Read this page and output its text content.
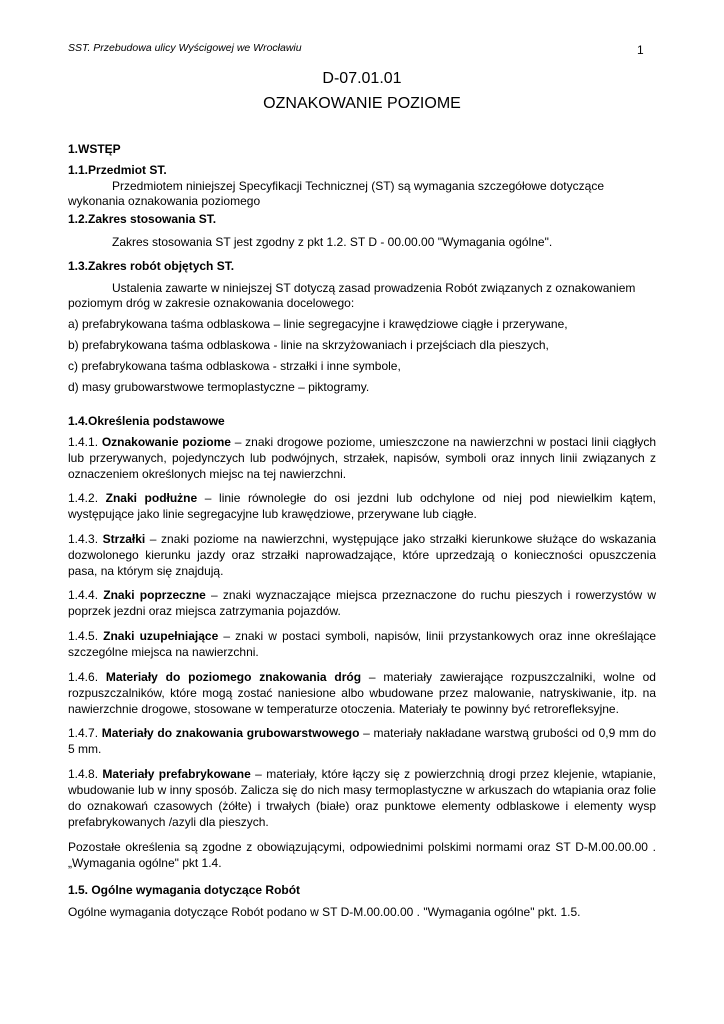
SST. Przebudowa ulicy Wyścigowej we Wrocławiu	1
D-07.01.01
OZNAKOWANIE POZIOME
1.WSTĘP
1.1.Przedmiot ST.
Przedmiotem niniejszej Specyfikacji Technicznej (ST) są wymagania szczegółowe dotyczące
wykonania oznakowania poziomego
1.2.Zakres stosowania ST.
Zakres stosowania ST jest zgodny z pkt 1.2. ST D - 00.00.00 "Wymagania ogólne".
1.3.Zakres robót objętych ST.
Ustalenia zawarte w niniejszej ST dotyczą zasad prowadzenia Robót związanych z oznakowaniem
poziomym dróg w zakresie oznakowania docelowego:
a) prefabrykowana taśma odblaskowa – linie segregacyjne i krawędziowe ciągłe i przerywane,
b) prefabrykowana taśma odblaskowa - linie na skrzyżowaniach i przejściach dla pieszych,
c) prefabrykowana taśma odblaskowa - strzałki i inne symbole,
d) masy grubowarstwowe termoplastyczne – piktogramy.
1.4.Określenia podstawowe
1.4.1. Oznakowanie poziome – znaki drogowe poziome, umieszczone na nawierzchni w postaci linii ciągłych lub przerywanych, pojedynczych lub podwójnych, strzałek, napisów, symboli oraz innych linii związanych z oznaczeniem określonych miejsc na tej nawierzchni.
1.4.2. Znaki podłużne – linie równoległe do osi jezdni lub odchylone od niej pod niewielkim kątem, występujące jako linie segregacyjne lub krawędziowe, przerywane lub ciągłe.
1.4.3. Strzałki – znaki poziome na nawierzchni, występujące jako strzałki kierunkowe służące do wskazania dozwolonego kierunku jazdy oraz strzałki naprowadzające, które uprzedzają o konieczności opuszczenia pasa, na którym się znajdują.
1.4.4. Znaki poprzeczne – znaki wyznaczające miejsca przeznaczone do ruchu pieszych i rowerzystów w poprzek jezdni oraz miejsca zatrzymania pojazdów.
1.4.5. Znaki uzupełniające – znaki w postaci symboli, napisów, linii przystankowych oraz inne określające szczególne miejsca na nawierzchni.
1.4.6. Materiały do poziomego znakowania dróg – materiały zawierające rozpuszczalniki, wolne od rozpuszczalników, które mogą zostać naniesione albo wbudowane przez malowanie, natryskiwanie, itp. na nawierzchnie drogowe, stosowane w temperaturze otoczenia. Materiały te powinny być retrorefleksyjne.
1.4.7. Materiały do znakowania grubowarstwowego – materiały nakładane warstwą grubości od 0,9 mm do 5 mm.
1.4.8. Materiały prefabrykowane – materiały, które łączy się z powierzchnią drogi przez klejenie, wtapianie, wbudowanie lub w inny sposób. Zalicza się do nich masy termoplastyczne w arkuszach do wtapiania oraz folie do oznakowań czasowych (żółte) i trwałych (białe) oraz punktowe elementy odblaskowe i elementy wysp prefabrykowanych /azyli dla pieszych.
Pozostałe określenia są zgodne z obowiązującymi, odpowiednimi polskimi normami oraz ST D-M.00.00.00 . „Wymagania ogólne" pkt 1.4.
1.5. Ogólne wymagania dotyczące Robót
Ogólne wymagania dotyczące Robót podano w ST D-M.00.00.00 . "Wymagania ogólne" pkt. 1.5.
